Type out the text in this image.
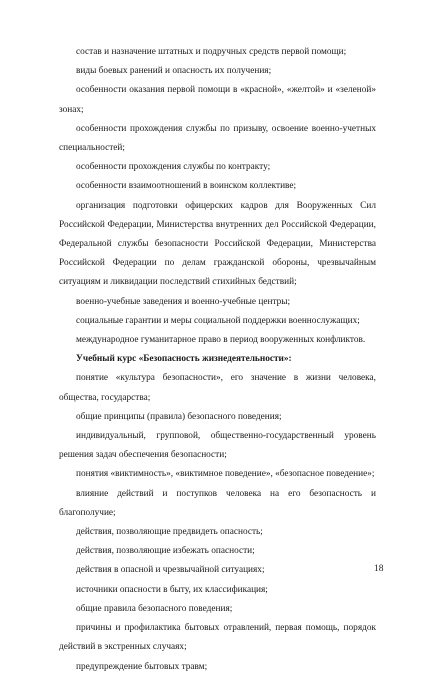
состав и назначение штатных и подручных средств первой помощи;
виды боевых ранений и опасность их получения;
особенности оказания первой помощи в «красной», «желтой» и «зеленой» зонах;
особенности прохождения службы по призыву, освоение военно-учетных специальностей;
особенности прохождения службы по контракту;
особенности взаимоотношений в воинском коллективе;
организация подготовки офицерских кадров для Вооруженных Сил Российской Федерации, Министерства внутренних дел Российской Федерации, Федеральной службы безопасности Российской Федерации, Министерства Российской Федерации по делам гражданской обороны, чрезвычайным ситуациям и ликвидации последствий стихийных бедствий;
военно-учебные заведения и военно-учебные центры;
социальные гарантии и меры социальной поддержки военнослужащих;
международное гуманитарное право в период вооруженных конфликтов.
Учебный курс «Безопасность жизнедеятельности»:
понятие «культура безопасности», его значение в жизни человека, общества, государства;
общие принципы (правила) безопасного поведения;
индивидуальный, групповой, общественно-государственный уровень решения задач обеспечения безопасности;
понятия «виктимность», «виктимное поведение», «безопасное поведение»;
влияние действий и поступков человека на его безопасность и благополучие;
действия, позволяющие предвидеть опасность;
действия, позволяющие избежать опасности;
действия в опасной и чрезвычайной ситуациях;
источники опасности в быту, их классификация;
общие правила безопасного поведения;
причины и профилактика бытовых отравлений, первая помощь, порядок действий в экстренных случаях;
предупреждение бытовых травм;
18
